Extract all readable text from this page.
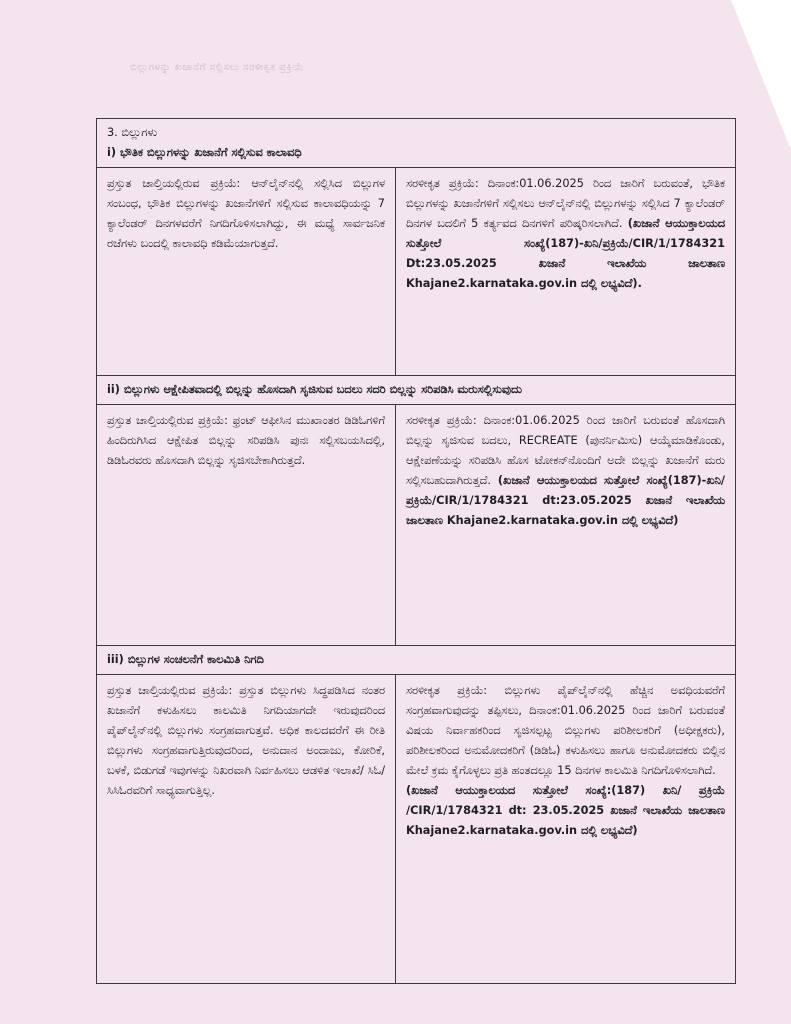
ಬಿಲ್ಲುಗಳನ್ನು ಖಜಾನೆಗೆ ಸಲ್ಲಿಸಲು ಸರಳೀಕೃತ ಪ್ರಕ್ರಿಯೆ
3. ಬಿಲ್ಲುಗಳು
i) ಭೌತಿಕ ಬಿಲ್ಲುಗಳನ್ನು ಖಜಾನೆಗೆ ಸಲ್ಲಿಸುವ ಕಾಲಾವಧಿ
ಪ್ರಸ್ತುತ ಚಾಲ್ತಿಯಲ್ಲಿರುವ ಪ್ರಕ್ರಿಯೆ: ಆನ್‌ಲೈನ್‌ನಲ್ಲಿ ಸಲ್ಲಿಸಿದ ಬಿಲ್ಲುಗಳ ಸಂಬಂಧ, ಭೌತಿಕ ಬಿಲ್ಲುಗಳನ್ನು ಖಜಾನೆಗಳಿಗೆ ಸಲ್ಲಿಸುವ ಕಾಲಾವಧಿಯನ್ನು 7 ಕ್ಯಾಲೆಂಡರ್ ದಿನಗಳವರೆಗೆ ನಿಗದಿಗೊಳಿಸಲಾಗಿದ್ದು, ಈ ಮಧ್ಯೆ ಸಾರ್ವಜನಿಕ ರಜೆಗಳು ಬಂದಲ್ಲಿ ಕಾಲಾವಧಿ ಕಡಿಮೆಯಾಗುತ್ತದೆ.
ಸರಳೀಕೃತ ಪ್ರಕ್ರಿಯೆ: ದಿನಾಂಕ:01.06.2025 ರಿಂದ ಜಾರಿಗೆ ಬರುವಂತೆ, ಭೌತಿಕ ಬಿಲ್ಲುಗಳನ್ನು ಖಜಾನೆಗಳಿಗೆ ಸಲ್ಲಿಸಲು ಆನ್‌ಲೈನ್‌ನಲ್ಲಿ ಬಿಲ್ಲುಗಳನ್ನು ಸಲ್ಲಿಸಿದ 7 ಕ್ಯಾಲೆಂಡರ್ ದಿನಗಳ ಬದಲಿಗೆ 5 ಕರ್ತ್ಯವದ ದಿನಗಳಿಗೆ ಪರಿಷ್ಕರಿಸಲಾಗಿದೆ. (ಖಜಾನೆ ಆಯುಕ್ತಾಲಯದ ಸುತ್ತೋಲೆ ಸಂಖ್ಯೆ(187)-ಖನಿ/ಪ್ರಕ್ರಿಯೆ/CIR/1/1784321 Dt:23.05.2025 ಖಜಾನೆ ಇಲಾಖೆಯ ಜಾಲತಾಣ Khajane2.karnataka.gov.in ದಲ್ಲಿ ಲಭ್ಯವಿದೆ).
ii) ಬಿಲ್ಲುಗಳು ಆಕ್ಷೇಪಿತವಾದಲ್ಲಿ ಬಿಲ್ಲನ್ನು ಹೊಸದಾಗಿ ಸೃಜಿಸುವ ಬದಲು ಸದರಿ ಬಿಲ್ಲನ್ನು ಸರಿಪಡಿಸಿ ಮರುಸಲ್ಲಿಸುವುದು
ಪ್ರಸ್ತುತ ಚಾಲ್ತಿಯಲ್ಲಿರುವ ಪ್ರಕ್ರಿಯೆ: ಫ್ರಂಟ್ ಆಫೀಸಿನ ಮುಖಾಂತರ ಡಿಡಿಓಗಳಿಗೆ ಹಿಂದಿರುಗಿಸಿದ ಆಕ್ಷೇಪಿತ ಬಿಲ್ಲನ್ನು ಸರಿಪಡಿಸಿ ಪುನಃ ಸಲ್ಲಿಸಬಯಸಿದಲ್ಲಿ, ಡಿಡಿಓರವರು ಹೊಸದಾಗಿ ಬಿಲ್ಲನ್ನು ಸೃಜಿಸಬೇಕಾಗಿರುತ್ತದೆ.
ಸರಳೀಕೃತ ಪ್ರಕ್ರಿಯೆ: ದಿನಾಂಕ:01.06.2025 ರಿಂದ ಜಾರಿಗೆ ಬರುವಂತೆ ಹೊಸದಾಗಿ ಬಿಲ್ಲನ್ನು ಸೃಜಿಸುವ ಬದಲು, RECREATE (ಪುನರ್ನಿಮಿಸು) ಆಯ್ಕೆಮಾಡಿಕೊಂಡು, ಆಕ್ಷೇಪಣೆಯನ್ನು ಸರಿಪಡಿಸಿ ಹೊಸ ಟೋಕನ್‌ನೊಂದಿಗೆ ಅದೇ ಬಿಲ್ಲನ್ನು ಖಜಾನೆಗೆ ಮರು ಸಲ್ಲಿಸಬಹುದಾಗಿರುತ್ತದೆ. (ಖಜಾನೆ ಆಯುಕ್ತಾಲಯದ ಸುತ್ತೋಲೆ ಸಂಖ್ಯೆ(187)-ಖನಿ/ಪ್ರಕ್ರಿಯೆ/CIR/1/1784321 dt:23.05.2025 ಖಜಾನೆ ಇಲಾಖೆಯ ಜಾಲತಾಣ Khajane2.karnataka.gov.in ದಲ್ಲಿ ಲಭ್ಯವಿದೆ)
iii) ಬಿಲ್ಲುಗಳ ಸಂಚಲನೆಗೆ ಕಾಲಮಿತಿ ನಿಗದಿ
ಪ್ರಸ್ತುತ ಚಾಲ್ತಿಯಲ್ಲಿರುವ ಪ್ರಕ್ರಿಯೆ: ಪ್ರಸ್ತುತ ಬಿಲ್ಲುಗಳು ಸಿದ್ಧಪಡಿಸಿದ ನಂತರ ಖಜಾನೆಗೆ ಕಳುಹಿಸಲು ಕಾಲಮಿತಿ ನಿಗದಿಯಾಗದೇ ಇರುವುದರಿಂದ ಪೈಪ್‌ಲೈನ್‌ನಲ್ಲಿ ಬಿಲ್ಲುಗಳು ಸಂಗ್ರಹವಾಗುತ್ತವೆ. ಅಧಿಕ ಕಾಲದವರೆಗೆ ಈ ರೀತಿ ಬಿಲ್ಲುಗಳು ಸಂಗ್ರಹವಾಗುತ್ತಿರುವುದರಿಂದ, ಅನುದಾನ ಅಂದಾಜು, ಕೋರಿಕೆ, ಬಳಕೆ, ಬಿಡುಗಡೆ ಇವುಗಳನ್ನು ನಿಖರವಾಗಿ ನಿರ್ವಹಿಸಲು ಆಡಳಿತ ಇಲಾಖೆ/ ಸಿಓ/ಸಿಸಿಓರವರಿಗೆ ಸಾಧ್ಯವಾಗುತ್ತಿಲ್ಲ.
ಸರಳೀಕೃತ ಪ್ರಕ್ರಿಯೆ: ಬಿಲ್ಲುಗಳು ಪೈಪ್‌ಲೈನ್‌ನಲ್ಲಿ ಹೆಚ್ಚಿನ ಅವಧಿಯವರೆಗೆ ಸಂಗ್ರಹವಾಗುವುದನ್ನು ತಪ್ಪಿಸಲು, ದಿನಾಂಕ:01.06.2025 ರಿಂದ ಜಾರಿಗೆ ಬರುವಂತೆ ವಿಷಯ ನಿರ್ವಾಹಕರಿಂದ ಸೃಜಿಸಲ್ಪಟ್ಟ ಬಿಲ್ಲುಗಳು ಪರಿಶೀಲಕರಿಗೆ (ಅಧೀಕ್ಷಕರು), ಪರಿಶೀಲಕರಿಂದ ಅನುಮೋದಕರಿಗೆ (ಡಿಡಿಓ) ಕಳುಹಿಸಲು ಹಾಗೂ ಅನುಮೋದಕರು ಬಿಲ್ಲಿನ ಮೇಲೆ ಕ್ರಮ ಕೈಗೊಳ್ಳಲು ಪ್ರತಿ ಹಂತದಲ್ಲೂ 15 ದಿನಗಳ ಕಾಲಮಿತಿ ನಿಗದಿಗೊಳಿಸಲಾಗಿದೆ.
(ಖಜಾನೆ ಆಯುಕ್ತಾಲಯದ ಸುತ್ತೋಲೆ ಸಂಖ್ಯೆ:(187) ಖನಿ/ ಪ್ರಕ್ರಿಯೆ /CIR/1/1784321 dt: 23.05.2025 ಖಜಾನೆ ಇಲಾಖೆಯ ಜಾಲತಾಣ Khajane2.karnataka.gov.in ದಲ್ಲಿ ಲಭ್ಯವಿದೆ)
